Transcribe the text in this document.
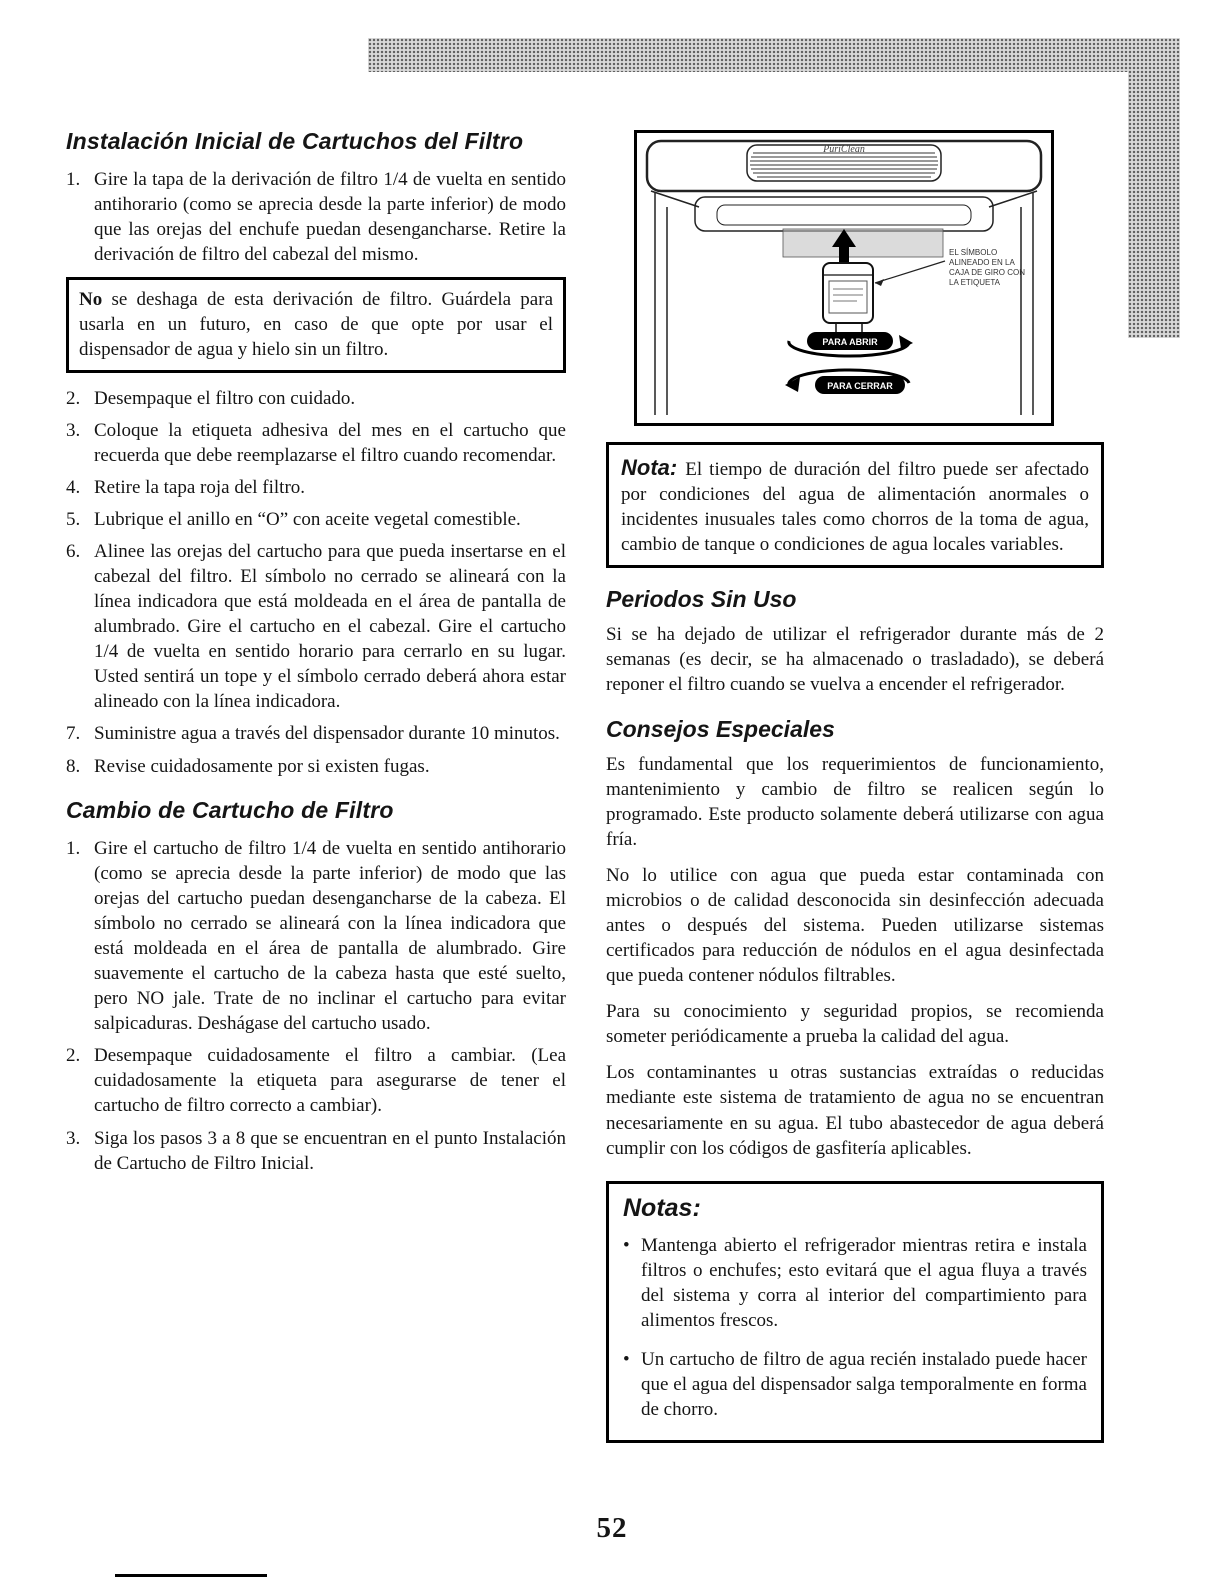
Instalación Inicial de Cartuchos del Filtro
1. Gire la tapa de la derivación de filtro 1/4 de vuelta en sentido antihorario (como se aprecia desde la parte inferior) de modo que las orejas del enchufe puedan desengancharse. Retire la derivación de filtro del cabezal del mismo.
No se deshaga de esta derivación de filtro. Guárdela para usarla en un futuro, en caso de que opte por usar el dispensador de agua y hielo sin un filtro.
2. Desempaque el filtro con cuidado.
3. Coloque la etiqueta adhesiva del mes en el cartucho que recuerda que debe reemplazarse el filtro cuando recomendar.
4. Retire la tapa roja del filtro.
5. Lubrique el anillo en “O” con aceite vegetal comestible.
6. Alinee las orejas del cartucho para que pueda insertarse en el cabezal del filtro. El símbolo no cerrado se alineará con la línea indicadora que está moldeada en el área de pantalla de alumbrado. Gire el cartucho en el cabezal. Gire el cartucho 1/4 de vuelta en sentido horario para cerrarlo en su lugar. Usted sentirá un tope y el símbolo cerrado deberá ahora estar alineado con la línea indicadora.
7. Suministre agua a través del dispensador durante 10 minutos.
8. Revise cuidadosamente por si existen fugas.
Cambio de Cartucho de Filtro
1. Gire el cartucho de filtro 1/4 de vuelta en sentido antihorario (como se aprecia desde la parte inferior) de modo que las orejas del cartucho puedan desengancharse de la cabeza. El símbolo no cerrado se alineará con la línea indicadora que está moldeada en el área de pantalla de alumbrado. Gire suavemente el cartucho de la cabeza hasta que esté suelto, pero NO jale. Trate de no inclinar el cartucho para evitar salpicaduras. Deshágase del cartucho usado.
2. Desempaque cuidadosamente el filtro a cambiar. (Lea cuidadosamente la etiqueta para asegurarse de tener el cartucho de filtro correcto a cambiar).
3. Siga los pasos 3 a 8 que se encuentran en el punto Instalación de Cartucho de Filtro Inicial.
PuriClean
EL SÍMBOLO
ALINEADO EN LA
CAJA DE GIRO CON
LA ETIQUETA
PARA ABRIR
PARA CERRAR
Nota: El tiempo de duración del filtro puede ser afectado por condiciones del agua de alimentación anormales o incidentes inusuales tales como chorros de la toma de agua, cambio de tanque o condiciones de agua locales variables.
Periodos Sin Uso
Si se ha dejado de utilizar el refrigerador durante más de 2 semanas (es decir, se ha almacenado o trasladado), se deberá reponer el filtro cuando se vuelva a encender el refrigerador.
Consejos Especiales
Es fundamental que los requerimientos de funcionamiento, mantenimiento y cambio de filtro se realicen según lo programado. Este producto solamente deberá utilizarse con agua fría.
No lo utilice con agua que pueda estar contaminada con microbios o de calidad desconocida sin desinfección adecuada antes o después del sistema. Pueden utilizarse sistemas certificados para reducción de nódulos en el agua desinfectada que pueda contener nódulos filtrables.
Para su conocimiento y seguridad propios, se recomienda someter periódicamente a prueba la calidad del agua.
Los contaminantes u otras sustancias extraídas o reducidas mediante este sistema de tratamiento de agua no se encuentran necesariamente en su agua. El tubo abastecedor de agua deberá cumplir con los códigos de gasfitería aplicables.
Notas:
• Mantenga abierto el refrigerador mientras retira e instala filtros o enchufes; esto evitará que el agua fluya a través del sistema y corra al interior del compartimiento para alimentos frescos.
• Un cartucho de filtro de agua recién instalado puede hacer que el agua del dispensador salga temporalmente en forma de chorro.
52
